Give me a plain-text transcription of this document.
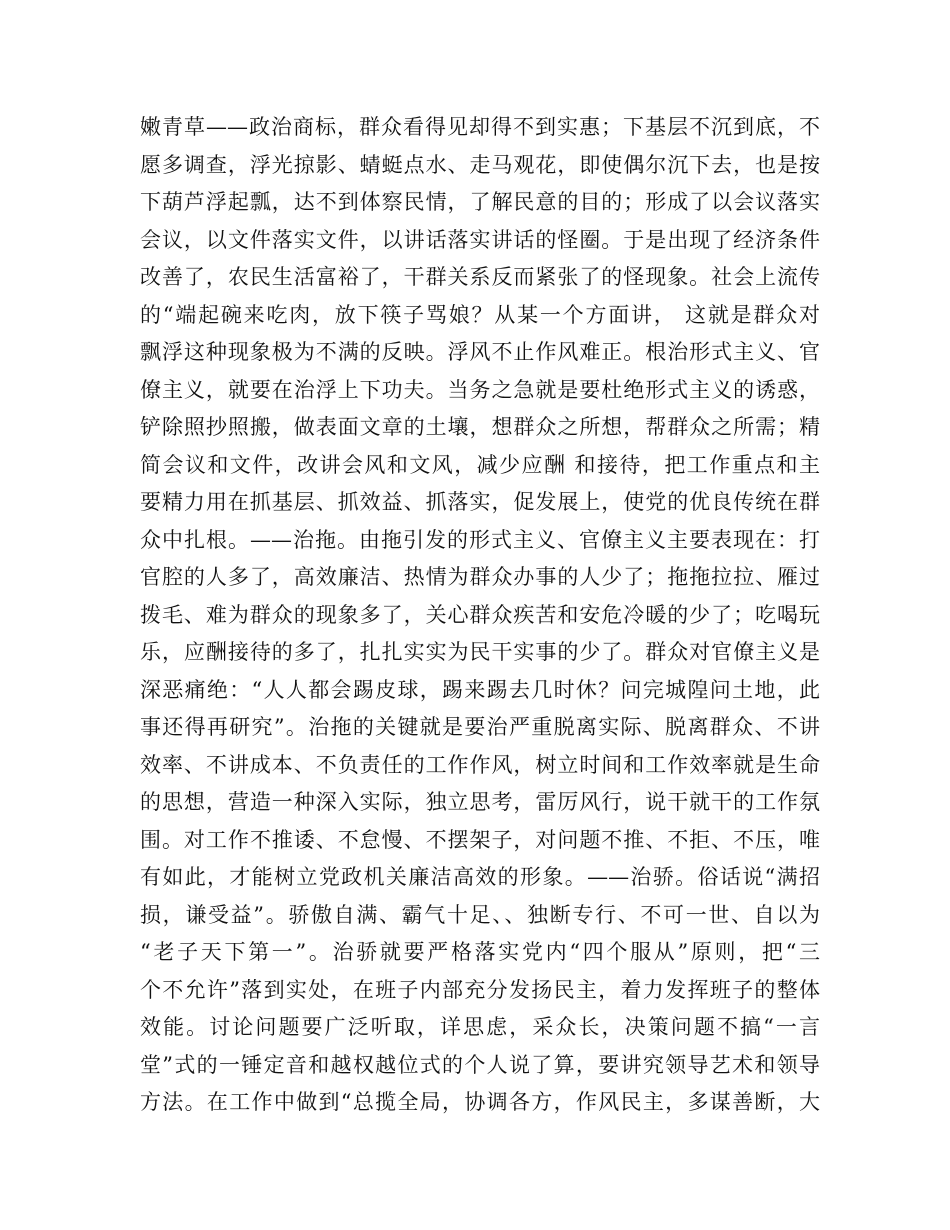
嫩青草——政治商标，群众看得见却得不到实惠；下基层不沉到底，不
愿多调查，浮光掠影、蜻蜓点水、走马观花，即使偶尔沉下去，也是按
下葫芦浮起瓢，达不到体察民情，了解民意的目的；形成了以会议落实
会议，以文件落实文件，以讲话落实讲话的怪圈。于是出现了经济条件
改善了，农民生活富裕了，干群关系反而紧张了的怪现象。社会上流传
的“端起碗来吃肉，放下筷子骂娘？从某一个方面讲， 这就是群众对
飘浮这种现象极为不满的反映。浮风不止作风难正。根治形式主义、官
僚主义，就要在治浮上下功夫。当务之急就是要杜绝形式主义的诱惑，
铲除照抄照搬，做表面文章的土壤，想群众之所想，帮群众之所需；精
简会议和文件，改讲会风和文风，减少应酬 和接待，把工作重点和主
要精力用在抓基层、抓效益、抓落实，促发展上，使党的优良传统在群
众中扎根。——治拖。由拖引发的形式主义、官僚主义主要表现在：打
官腔的人多了，高效廉洁、热情为群众办事的人少了；拖拖拉拉、雁过
拨毛、难为群众的现象多了，关心群众疾苦和安危冷暖的少了；吃喝玩
乐，应酬接待的多了，扎扎实实为民干实事的少了。群众对官僚主义是
深恶痛绝：“人人都会踢皮球，踢来踢去几时休？问完城隍问土地，此
事还得再研究”。治拖的关键就是要治严重脱离实际、脱离群众、不讲
效率、不讲成本、不负责任的工作作风，树立时间和工作效率就是生命
的思想，营造一种深入实际，独立思考，雷厉风行，说干就干的工作氛
围。对工作不推诿、不怠慢、不摆架子，对问题不推、不拒、不压，唯
有如此，才能树立党政机关廉洁高效的形象。——治骄。俗话说“满招
损，谦受益”。骄傲自满、霸气十足、、独断专行、不可一世、自以为
“老子天下第一”。治骄就要严格落实党内“四个服从”原则，把“三
个不允许”落到实处，在班子内部充分发扬民主，着力发挥班子的整体
效能。讨论问题要广泛听取，详思虑，采众长，决策问题不搞“一言
堂”式的一锤定音和越权越位式的个人说了算，要讲究领导艺术和领导
方法。在工作中做到“总揽全局，协调各方，作风民主，多谋善断，大
